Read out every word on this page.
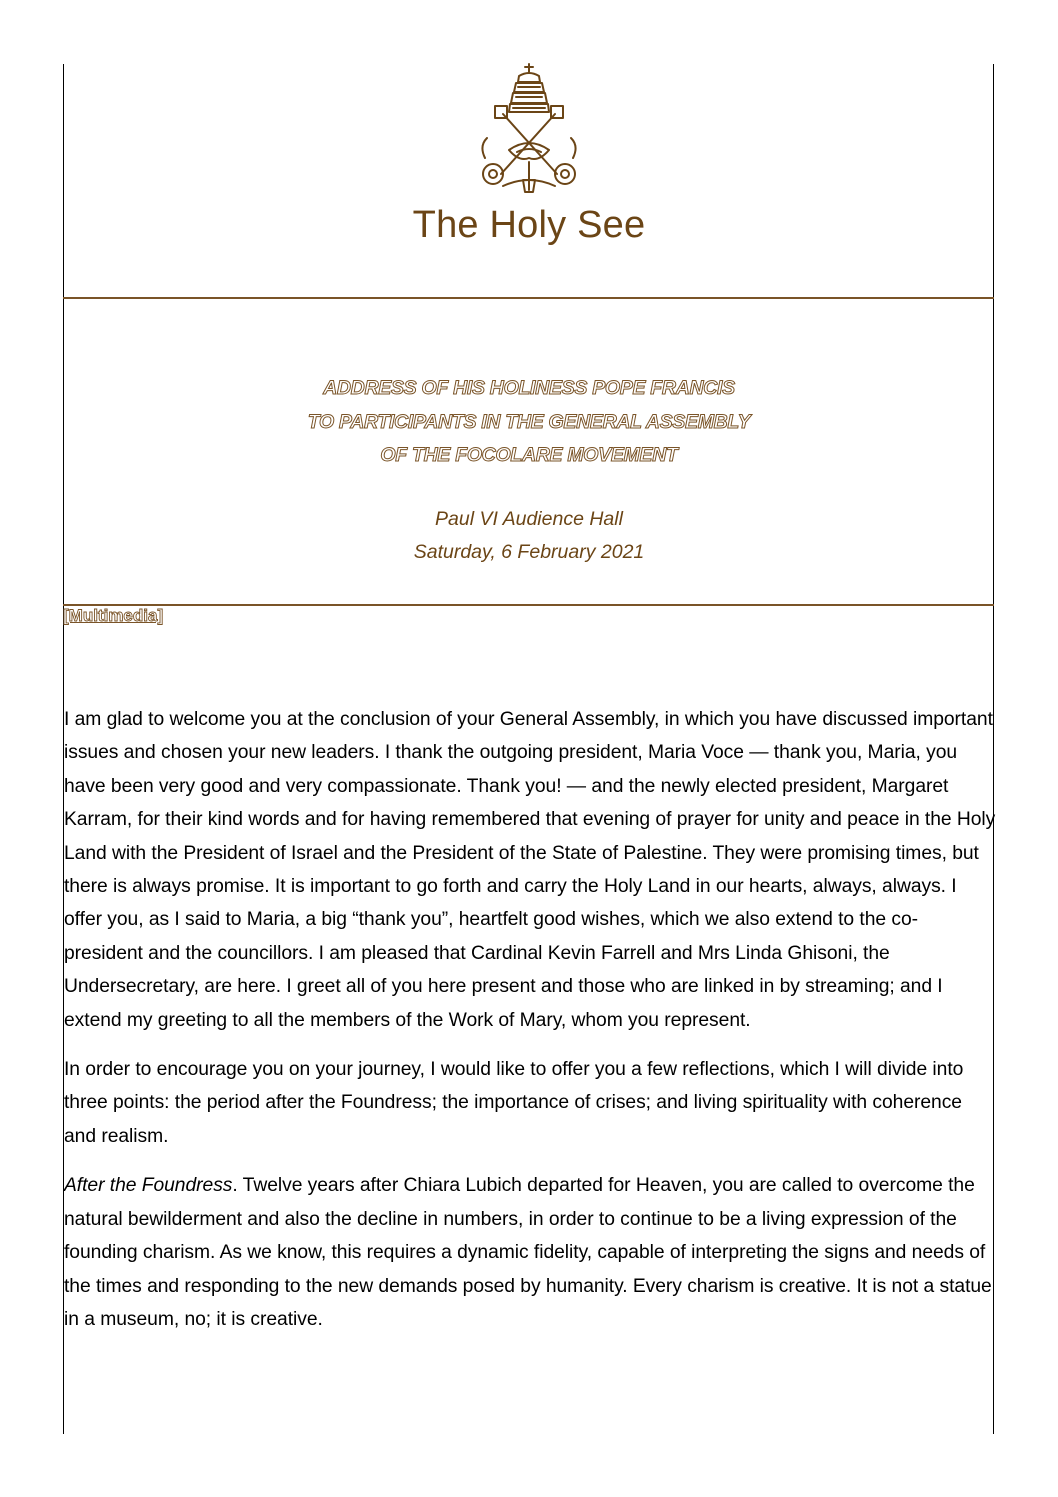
The Holy See
ADDRESS OF HIS HOLINESS POPE FRANCIS
TO PARTICIPANTS IN THE GENERAL ASSEMBLY
OF THE FOCOLARE MOVEMENT
Paul VI Audience Hall
Saturday, 6 February 2021
[Multimedia]

I am glad to welcome you at the conclusion of your General Assembly, in which you have discussed important issues and chosen your new leaders. I thank the outgoing president, Maria Voce — thank you, Maria, you have been very good and very compassionate. Thank you! — and the newly elected president, Margaret Karram, for their kind words and for having remembered that evening of prayer for unity and peace in the Holy Land with the President of Israel and the President of the State of Palestine. They were promising times, but there is always promise. It is important to go forth and carry the Holy Land in our hearts, always, always. I offer you, as I said to Maria, a big “thank you”, heartfelt good wishes, which we also extend to the co-president and the councillors. I am pleased that Cardinal Kevin Farrell and Mrs Linda Ghisoni, the Undersecretary, are here. I greet all of you here present and those who are linked in by streaming; and I extend my greeting to all the members of the Work of Mary, whom you represent.

In order to encourage you on your journey, I would like to offer you a few reflections, which I will divide into three points: the period after the Foundress; the importance of crises; and living spirituality with coherence and realism.

After the Foundress. Twelve years after Chiara Lubich departed for Heaven, you are called to overcome the natural bewilderment and also the decline in numbers, in order to continue to be a living expression of the founding charism. As we know, this requires a dynamic fidelity, capable of interpreting the signs and needs of the times and responding to the new demands posed by humanity. Every charism is creative. It is not a statue in a museum, no; it is creative.
